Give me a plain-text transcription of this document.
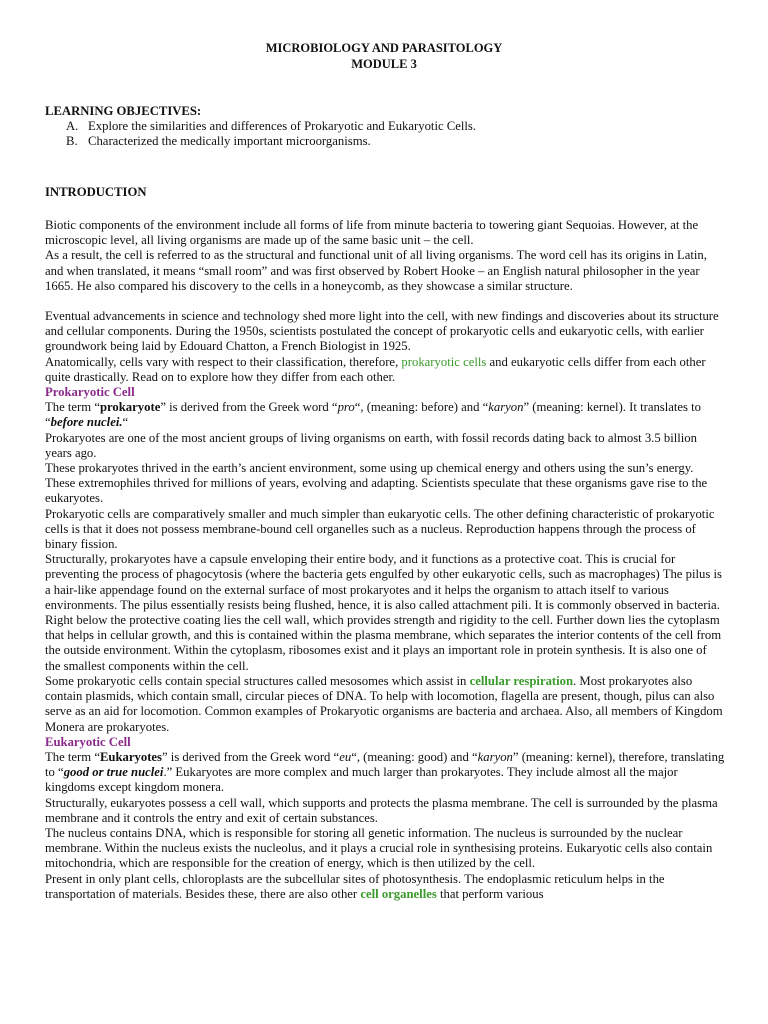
MICROBIOLOGY AND PARASITOLOGY
MODULE 3
LEARNING OBJECTIVES:
A. Explore the similarities and differences of Prokaryotic and Eukaryotic Cells.
B. Characterized the medically important microorganisms.
INTRODUCTION

Biotic components of the environment include all forms of life from minute bacteria to towering giant Sequoias. However, at the microscopic level, all living organisms are made up of the same basic unit – the cell.

As a result, the cell is referred to as the structural and functional unit of all living organisms. The word cell has its origins in Latin, and when translated, it means “small room” and was first observed by Robert Hooke – an English natural philosopher in the year 1665. He also compared his discovery to the cells in a honeycomb, as they showcase a similar structure.

Eventual advancements in science and technology shed more light into the cell, with new findings and discoveries about its structure and cellular components. During the 1950s, scientists postulated the concept of prokaryotic cells and eukaryotic cells, with earlier groundwork being laid by Edouard Chatton, a French Biologist in 1925.

Anatomically, cells vary with respect to their classification, therefore, prokaryotic cells and eukaryotic cells differ from each other quite drastically. Read on to explore how they differ from each other.

Prokaryotic Cell

The term “prokaryote” is derived from the Greek word “pro“, (meaning: before) and “karyon” (meaning: kernel). It translates to “before nuclei.“

Prokaryotes are one of the most ancient groups of living organisms on earth, with fossil records dating back to almost 3.5 billion years ago.

These prokaryotes thrived in the earth’s ancient environment, some using up chemical energy and others using the sun’s energy. These extremophiles thrived for millions of years, evolving and adapting. Scientists speculate that these organisms gave rise to the eukaryotes.

Prokaryotic cells are comparatively smaller and much simpler than eukaryotic cells. The other defining characteristic of prokaryotic cells is that it does not possess membrane-bound cell organelles such as a nucleus. Reproduction happens through the process of binary fission.

Structurally, prokaryotes have a capsule enveloping their entire body, and it functions as a protective coat. This is crucial for preventing the process of phagocytosis (where the bacteria gets engulfed by other eukaryotic cells, such as macrophages) The pilus is a hair-like appendage found on the external surface of most prokaryotes and it helps the organism to attach itself to various environments. The pilus essentially resists being flushed, hence, it is also called attachment pili. It is commonly observed in bacteria.

Right below the protective coating lies the cell wall, which provides strength and rigidity to the cell. Further down lies the cytoplasm that helps in cellular growth, and this is contained within the plasma membrane, which separates the interior contents of the cell from the outside environment. Within the cytoplasm, ribosomes exist and it plays an important role in protein synthesis. It is also one of the smallest components within the cell.

Some prokaryotic cells contain special structures called mesosomes which assist in cellular respiration. Most prokaryotes also contain plasmids, which contain small, circular pieces of DNA. To help with locomotion, flagella are present, though, pilus can also serve as an aid for locomotion. Common examples of Prokaryotic organisms are bacteria and archaea. Also, all members of Kingdom Monera are prokaryotes.

Eukaryotic Cell

The term “Eukaryotes” is derived from the Greek word “eu“, (meaning: good) and “karyon” (meaning: kernel), therefore, translating to “good or true nuclei.” Eukaryotes are more complex and much larger than prokaryotes. They include almost all the major kingdoms except kingdom monera.

Structurally, eukaryotes possess a cell wall, which supports and protects the plasma membrane. The cell is surrounded by the plasma membrane and it controls the entry and exit of certain substances.

The nucleus contains DNA, which is responsible for storing all genetic information. The nucleus is surrounded by the nuclear membrane. Within the nucleus exists the nucleolus, and it plays a crucial role in synthesising proteins. Eukaryotic cells also contain mitochondria, which are responsible for the creation of energy, which is then utilized by the cell.

Present in only plant cells, chloroplasts are the subcellular sites of photosynthesis. The endoplasmic reticulum helps in the transportation of materials. Besides these, there are also other cell organelles that perform various
